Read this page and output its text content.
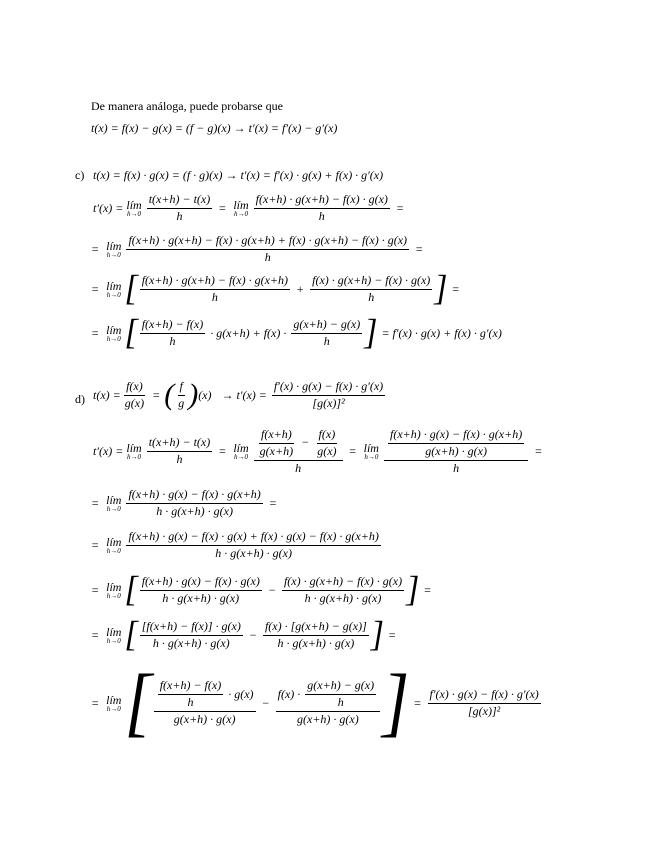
De manera análoga, puede probarse que
t(x) = f(x) − g(x) = (f − g)(x) → t′(x) = f′(x) − g′(x)
c) t(x) = f(x) · g(x) = (f · g)(x) → t′(x) = f′(x) · g(x) + f(x) · g′(x)
t′(x) = lím
$h\to 0 \frac{t(x+h) - t(x)}{h}$ = lím
$h\to 0 \frac{f(x+h) \cdot g(x+h) - f(x) \cdot g(x)}{h}$ =
= lím
h→0
f(x+h) · g(x+h) − f(x) · g(x+h) + f(x) · g(x+h) − f(x) · g(x)
h
=
= lím
h→0 [ $\frac{f(x+h) \cdot g(x+h) - f(x) \cdot g(x+h)}{h} + \frac{f(x) \cdot g(x+h) - f(x) \cdot g(x)}{h}$ ] =
= lím
h→0 [ $\frac{f(x+h) - f(x)}{h} \cdot g(x+h) + f(x) \cdot \frac{g(x+h) - g(x)}{h}$ ] = f′(x) · g(x) + f(x) · g′(x)
d) $t(x) = \frac{f(x)}{g(x)}$ = ( $\frac{f}{g}$ ) $(x) \to t'(x) = \frac{f'(x) \cdot g(x) - f(x) \cdot g'(x)}{\text{[g(x)]²}}$
t′(x) = lím
$h\to 0 \frac{t(x+h) - t(x)}{h}$ = lím
$h\to 0 \frac{\frac{f(x+h)}{g(x+h)} - \frac{f(x)}{g(x)}}{h}$ = lím
$h\to 0 \frac{\frac{f(x+h) \cdot g(x) - f(x) \cdot g(x+h)}{g(x+h) \cdot g(x)}}{h}$ =
= lím
$h\to 0 \frac{f(x+h) \cdot g(x) - f(x) \cdot g(x+h)}{h \cdot g(x+h) \cdot g(x)}$ =
= lím
$h\to 0 \frac{f(x+h) \cdot g(x) - f(x) \cdot g(x) + f(x) \cdot g(x) - f(x) \cdot g(x+h)}{h \cdot g(x+h) \cdot g(x)}$
= lím
h→0 [ $\frac{f(x+h) \cdot g(x) - f(x) \cdot g(x)}{h \cdot g(x+h) \cdot g(x)} - \frac{f(x) \cdot g(x+h) - f(x) \cdot g(x)}{h \cdot g(x+h) \cdot g(x)}$ ] =
= lím
h→0 [ $\frac{[f(x+h) - f(x)] \cdot g(x)}{h \cdot g(x+h) \cdot g(x)} - \frac{f(x) \cdot [g(x+h) - g(x)]}{h \cdot g(x+h) \cdot g(x)}$ ] =
= lím
h→0 [ $\frac{\frac{f(x+h) - f(x)}{h} \cdot g(x)}{g(x+h) \cdot g(x)} - \frac{f(x) \cdot \frac{g(x+h) - g(x)}{h}}{g(x+h) \cdot g(x)}$ ] = $\frac{f'(x) \cdot g(x) - f(x) \cdot g'(x)}{\text{[g(x)]²}}$
